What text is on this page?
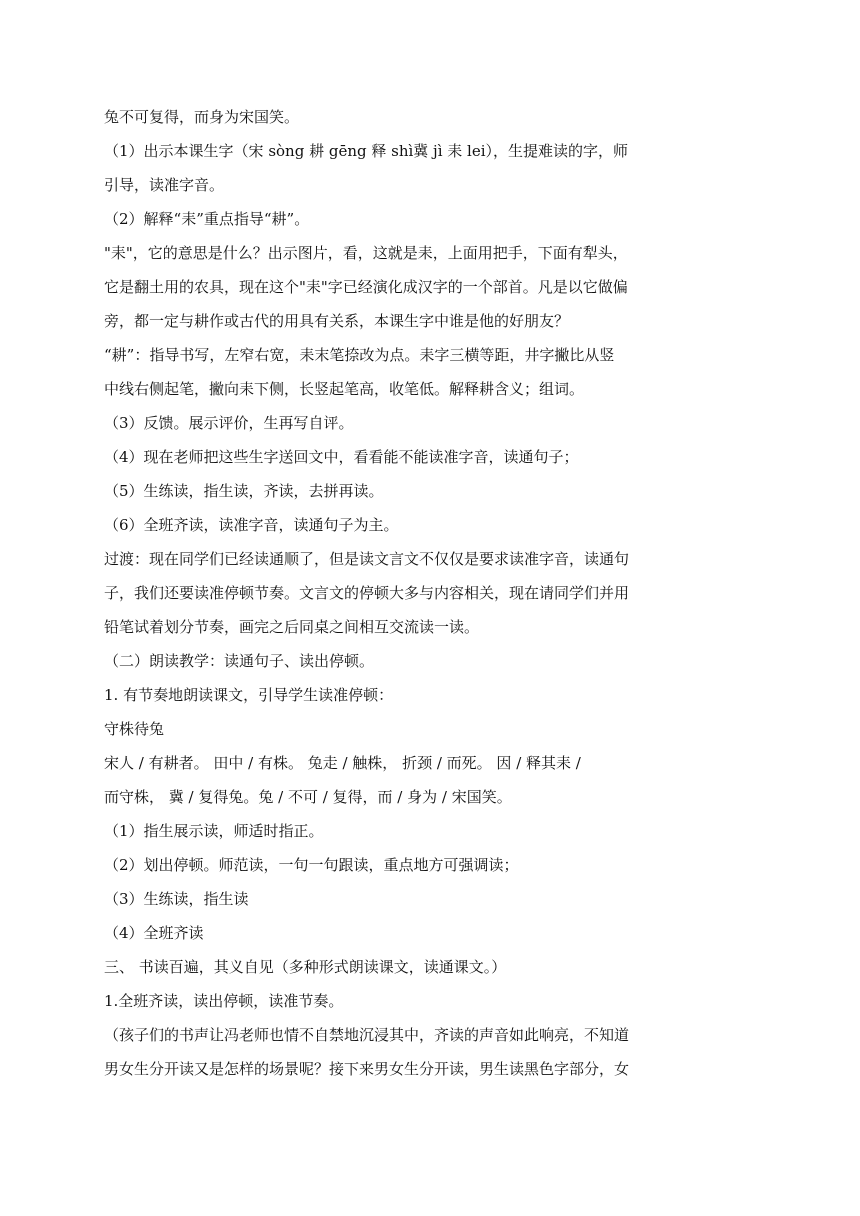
兔不可复得，而身为宋国笑。
（1）出示本课生字（宋 sòng 耕 gēng 释 shì冀 jì 耒 lei），生提难读的字，师
引导，读准字音。
（2）解释“耒”重点指导“耕”。
"耒"，它的意思是什么？出示图片，看，这就是耒，上面用把手，下面有犁头，
它是翻土用的农具，现在这个"耒"字已经演化成汉字的一个部首。凡是以它做偏
旁，都一定与耕作或古代的用具有关系，本课生字中谁是他的好朋友？
“耕”：指导书写，左窄右宽，耒末笔捺改为点。耒字三横等距，井字撇比从竖
中线右侧起笔，撇向耒下侧，长竖起笔高，收笔低。解释耕含义；组词。
（3）反馈。展示评价，生再写自评。
（4）现在老师把这些生字送回文中，看看能不能读准字音，读通句子；
（5）生练读，指生读，齐读，去拼再读。
（6）全班齐读，读准字音，读通句子为主。
过渡：现在同学们已经读通顺了，但是读文言文不仅仅是要求读准字音，读通句
子，我们还要读准停顿节奏。文言文的停顿大多与内容相关，现在请同学们并用
铅笔试着划分节奏，画完之后同桌之间相互交流读一读。
（二）朗读教学：读通句子、读出停顿。
1. 有节奏地朗读课文，引导学生读准停顿：
守株待兔
宋人 / 有耕者。 田中 / 有株。 兔走 / 触株， 折颈 / 而死。 因 / 释其耒 /
而守株， 冀 / 复得兔。兔 / 不可 / 复得，而 / 身为 / 宋国笑。
（1）指生展示读，师适时指正。
（2）划出停顿。师范读，一句一句跟读，重点地方可强调读；
（3）生练读，指生读
（4）全班齐读
三、 书读百遍，其义自见（多种形式朗读课文，读通课文。）
1.全班齐读，读出停顿，读准节奏。
（孩子们的书声让冯老师也情不自禁地沉浸其中，齐读的声音如此响亮，不知道
男女生分开读又是怎样的场景呢？接下来男女生分开读，男生读黑色字部分，女
